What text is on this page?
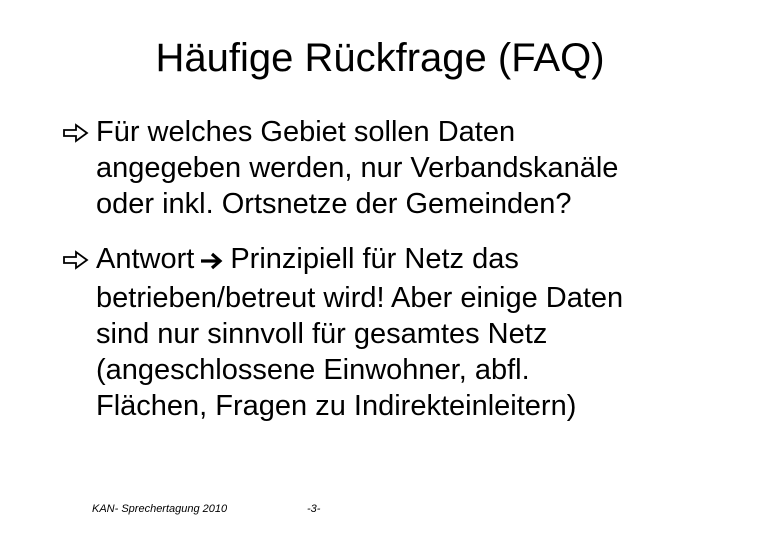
Häufige Rückfrage (FAQ)
Für welches Gebiet sollen Daten
angegeben werden, nur Verbandskanäle
oder inkl. Ortsnetze der Gemeinden?
Antwort Prinzipiell für Netz das
betrieben/betreut wird! Aber einige Daten
sind nur sinnvoll für gesamtes Netz
(angeschlossene Einwohner, abfl.
Flächen, Fragen zu Indirekteinleitern)
KAN- Sprechertagung 2010	-3-
